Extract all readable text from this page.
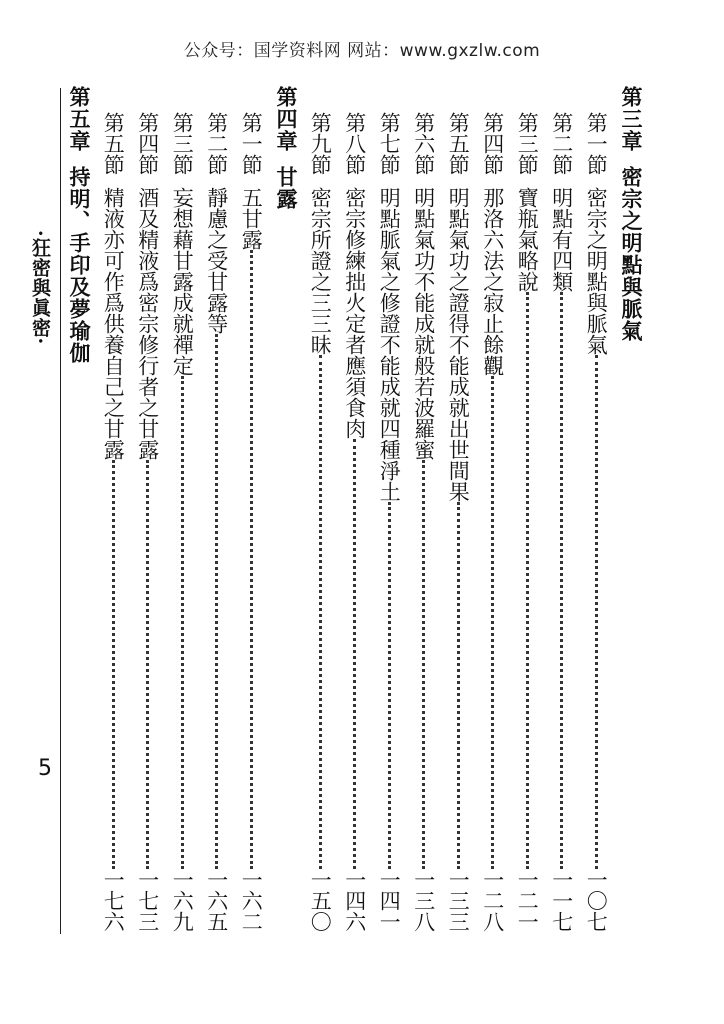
公众号：国学资料网 网站：www.gxzlw.com
·狂密與眞密·
5
第三章密宗之明點與脈氣
第一節
密宗之明點與脈氣
一〇七
第二節
明點有四類
一一七
第三節
寶瓶氣略說
一二一
第四節
那洛六法之寂止餘觀
一二八
第五節
明點氣功之證得不能成就出世間果
一三三
第六節
明點氣功不能成就般若波羅蜜
一三八
第七節
明點脈氣之修證不能成就四種淨土
一四一
第八節
密宗修練拙火定者應須食肉
一四六
第九節
密宗所證之三三昧
一五〇
第四章甘露
第一節
五甘露
一六二
第二節
靜慮之受甘露等
一六五
第三節
妄想藉甘露成就禪定
一六九
第四節
酒及精液爲密宗修行者之甘露
一七三
第五節
精液亦可作爲供養自己之甘露
一七六
第五章持明、手印及夢瑜伽
